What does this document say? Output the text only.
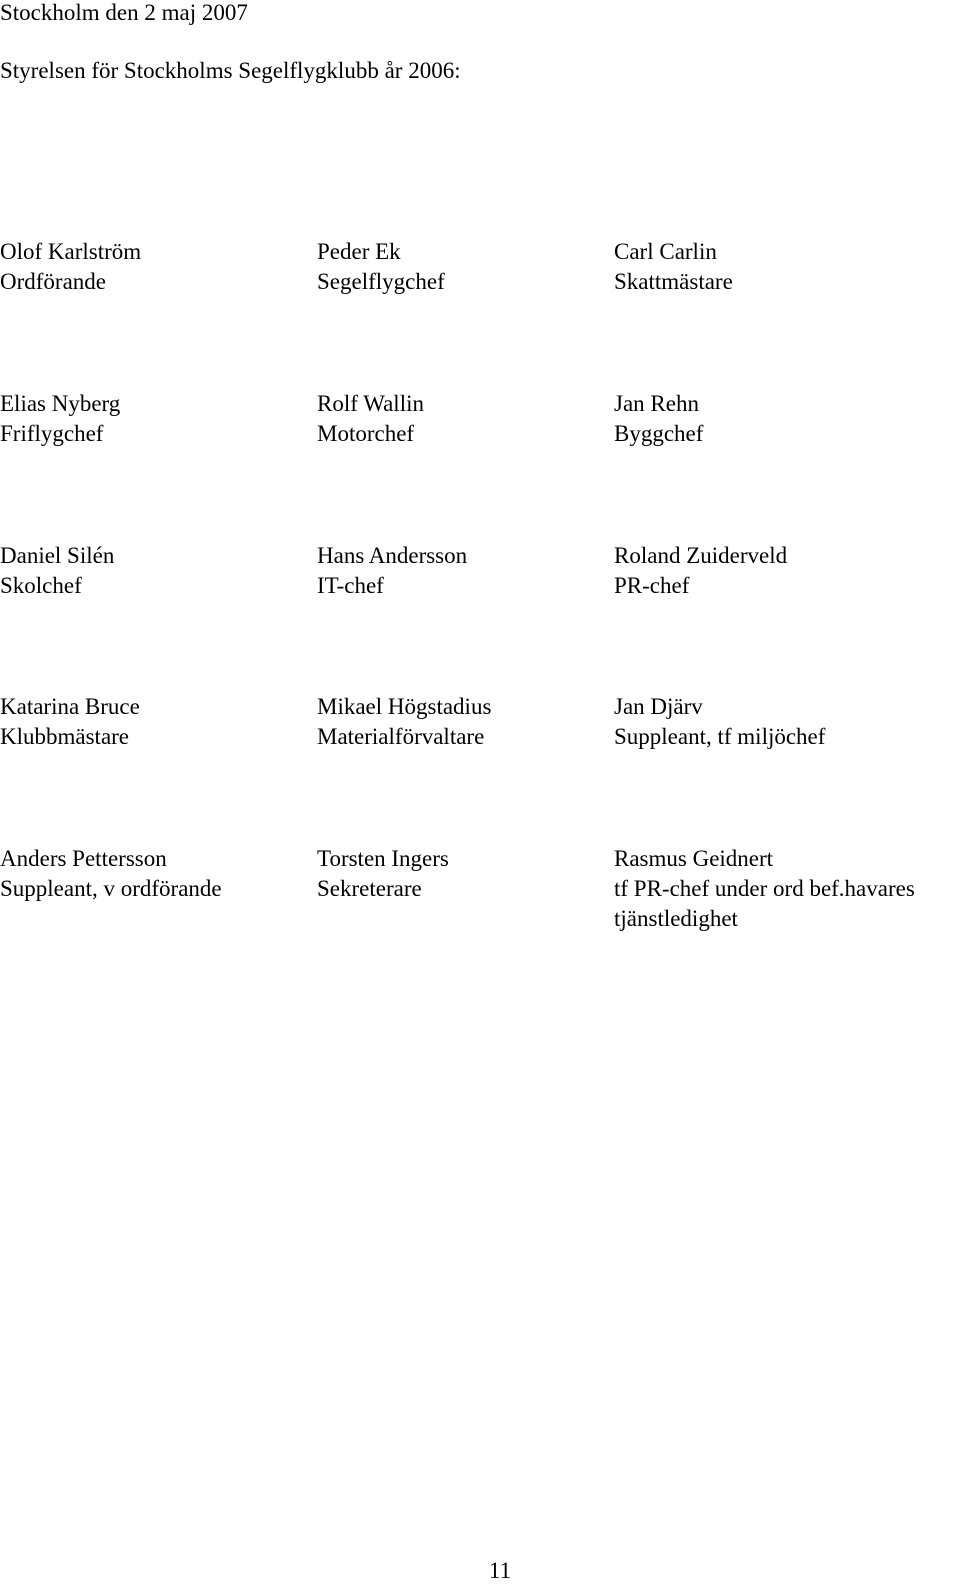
Stockholm den 2 maj 2007
Styrelsen för Stockholms Segelflygklubb år 2006:
Olof Karlström
Ordförande
Peder Ek
Segelflygchef
Carl Carlin
Skattmästare
Elias Nyberg
Friflygchef
Rolf Wallin
Motorchef
Jan Rehn
Byggchef
Daniel Silén
Skolchef
Hans Andersson
IT-chef
Roland Zuiderveld
PR-chef
Katarina Bruce
Klubbmästare
Mikael Högstadius
Materialförvaltare
Jan Djärv
Suppleant, tf miljöchef
Anders Pettersson
Suppleant, v ordförande
Torsten Ingers
Sekreterare
Rasmus Geidnert
tf PR-chef under ord bef.havares
tjänstledighet
11
